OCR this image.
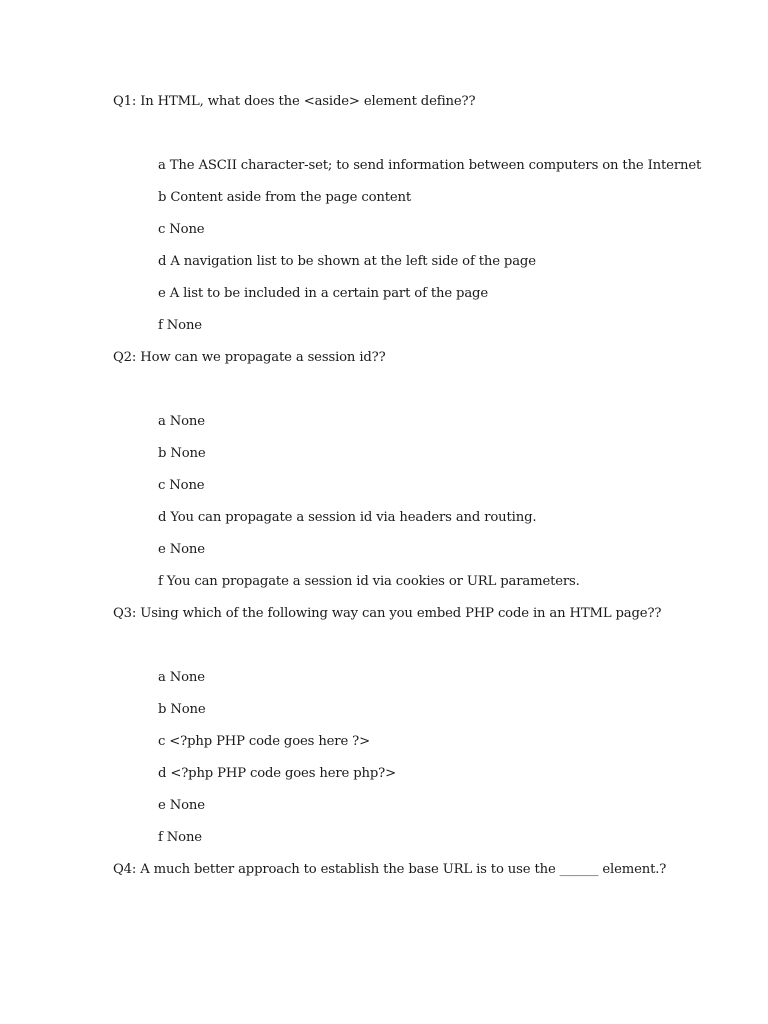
Q1: In HTML, what does the <aside> element define??
a The ASCII character-set; to send information between computers on the Internet
b Content aside from the page content
c None
d A navigation list to be shown at the left side of the page
e A list to be included in a certain part of the page
f None
Q2: How can we propagate a session id??
a None
b None
c None
d You can propagate a session id via headers and routing.
e None
f You can propagate a session id via cookies or URL parameters.
Q3: Using which of the following way can you embed PHP code in an HTML page??
a None
b None
c <?php PHP code goes here ?>
d <?php PHP code goes here php?>
e None
f None
Q4: A much better approach to establish the base URL is to use the ______ element.?
